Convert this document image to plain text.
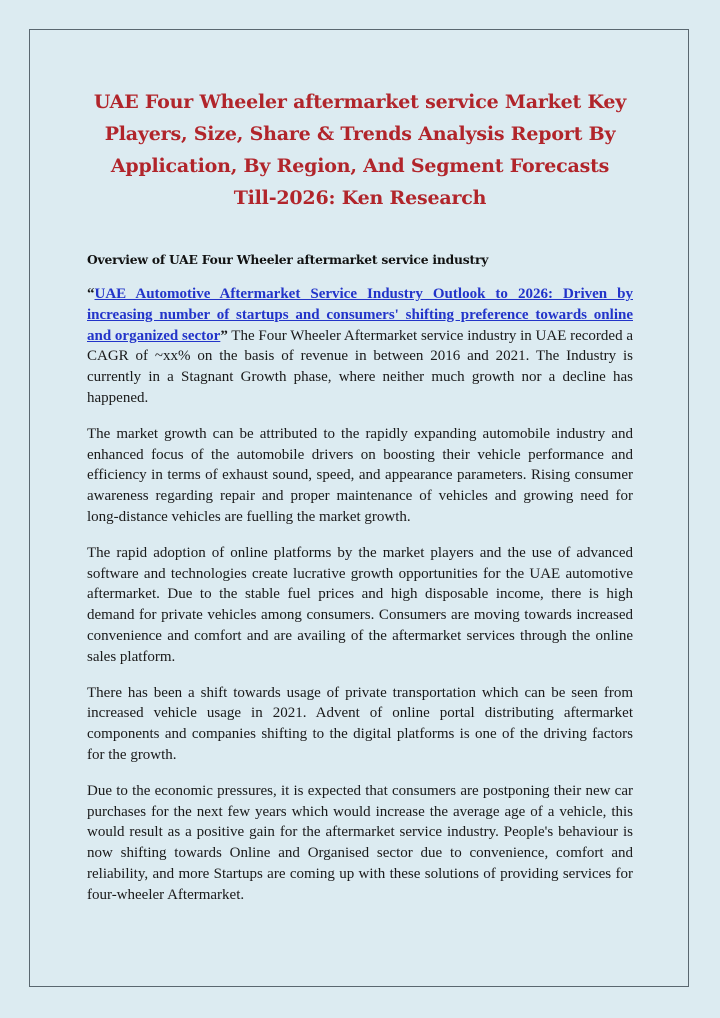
UAE Four Wheeler aftermarket service Market Key Players, Size, Share & Trends Analysis Report By Application, By Region, And Segment Forecasts Till-2026: Ken Research
Overview of UAE Four Wheeler aftermarket service industry

“UAE Automotive Aftermarket Service Industry Outlook to 2026: Driven by increasing number of startups and consumers' shifting preference towards online and organized sector” The Four Wheeler Aftermarket service industry in UAE recorded a CAGR of ~xx% on the basis of revenue in between 2016 and 2021. The Industry is currently in a Stagnant Growth phase, where neither much growth nor a decline has happened.

The market growth can be attributed to the rapidly expanding automobile industry and enhanced focus of the automobile drivers on boosting their vehicle performance and efficiency in terms of exhaust sound, speed, and appearance parameters. Rising consumer awareness regarding repair and proper maintenance of vehicles and growing need for long-distance vehicles are fuelling the market growth.

The rapid adoption of online platforms by the market players and the use of advanced software and technologies create lucrative growth opportunities for the UAE automotive aftermarket. Due to the stable fuel prices and high disposable income, there is high demand for private vehicles among consumers. Consumers are moving towards increased convenience and comfort and are availing of the aftermarket services through the online sales platform.

There has been a shift towards usage of private transportation which can be seen from increased vehicle usage in 2021. Advent of online portal distributing aftermarket components and companies shifting to the digital platforms is one of the driving factors for the growth.

Due to the economic pressures, it is expected that consumers are postponing their new car purchases for the next few years which would increase the average age of a vehicle, this would result as a positive gain for the aftermarket service industry. People's behaviour is now shifting towards Online and Organised sector due to convenience, comfort and reliability, and more Startups are coming up with these solutions of providing services for four-wheeler Aftermarket.
